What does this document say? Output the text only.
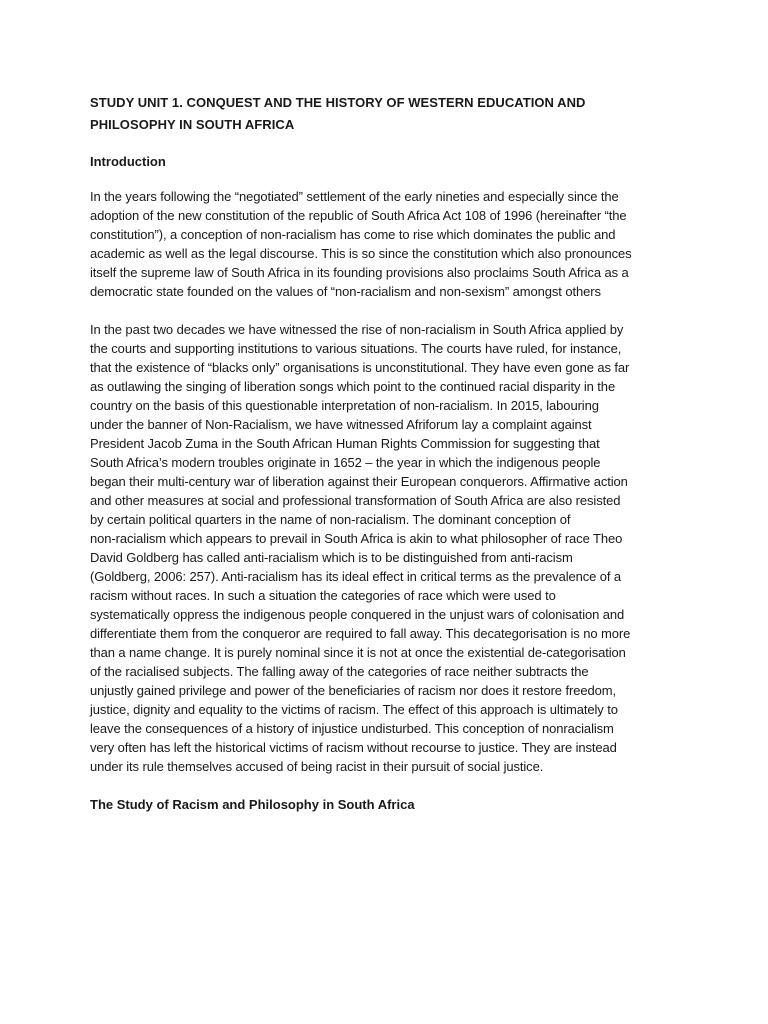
STUDY UNIT 1. CONQUEST AND THE HISTORY OF WESTERN EDUCATION AND
PHILOSOPHY IN SOUTH AFRICA
Introduction
In the years following the “negotiated” settlement of the early nineties and especially since the
adoption of the new constitution of the republic of South Africa Act 108 of 1996 (hereinafter “the
constitution”), a conception of non-racialism has come to rise which dominates the public and
academic as well as the legal discourse. This is so since the constitution which also pronounces
itself the supreme law of South Africa in its founding provisions also proclaims South Africa as a
democratic state founded on the values of “non-racialism and non-sexism” amongst others
In the past two decades we have witnessed the rise of non-racialism in South Africa applied by
the courts and supporting institutions to various situations. The courts have ruled, for instance,
that the existence of “blacks only” organisations is unconstitutional. They have even gone as far
as outlawing the singing of liberation songs which point to the continued racial disparity in the
country on the basis of this questionable interpretation of non-racialism. In 2015, labouring
under the banner of Non-Racialism, we have witnessed Afriforum lay a complaint against
President Jacob Zuma in the South African Human Rights Commission for suggesting that
South Africa’s modern troubles originate in 1652 – the year in which the indigenous people
began their multi-century war of liberation against their European conquerors. Affirmative action
and other measures at social and professional transformation of South Africa are also resisted
by certain political quarters in the name of non-racialism. The dominant conception of
non-racialism which appears to prevail in South Africa is akin to what philosopher of race Theo
David Goldberg has called anti-racialism which is to be distinguished from anti-racism
(Goldberg, 2006: 257). Anti-racialism has its ideal effect in critical terms as the prevalence of a
racism without races. In such a situation the categories of race which were used to
systematically oppress the indigenous people conquered in the unjust wars of colonisation and
differentiate them from the conqueror are required to fall away. This decategorisation is no more
than a name change. It is purely nominal since it is not at once the existential de-categorisation
of the racialised subjects. The falling away of the categories of race neither subtracts the
unjustly gained privilege and power of the beneficiaries of racism nor does it restore freedom,
justice, dignity and equality to the victims of racism. The effect of this approach is ultimately to
leave the consequences of a history of injustice undisturbed. This conception of nonracialism
very often has left the historical victims of racism without recourse to justice. They are instead
under its rule themselves accused of being racist in their pursuit of social justice.
The Study of Racism and Philosophy in South Africa
